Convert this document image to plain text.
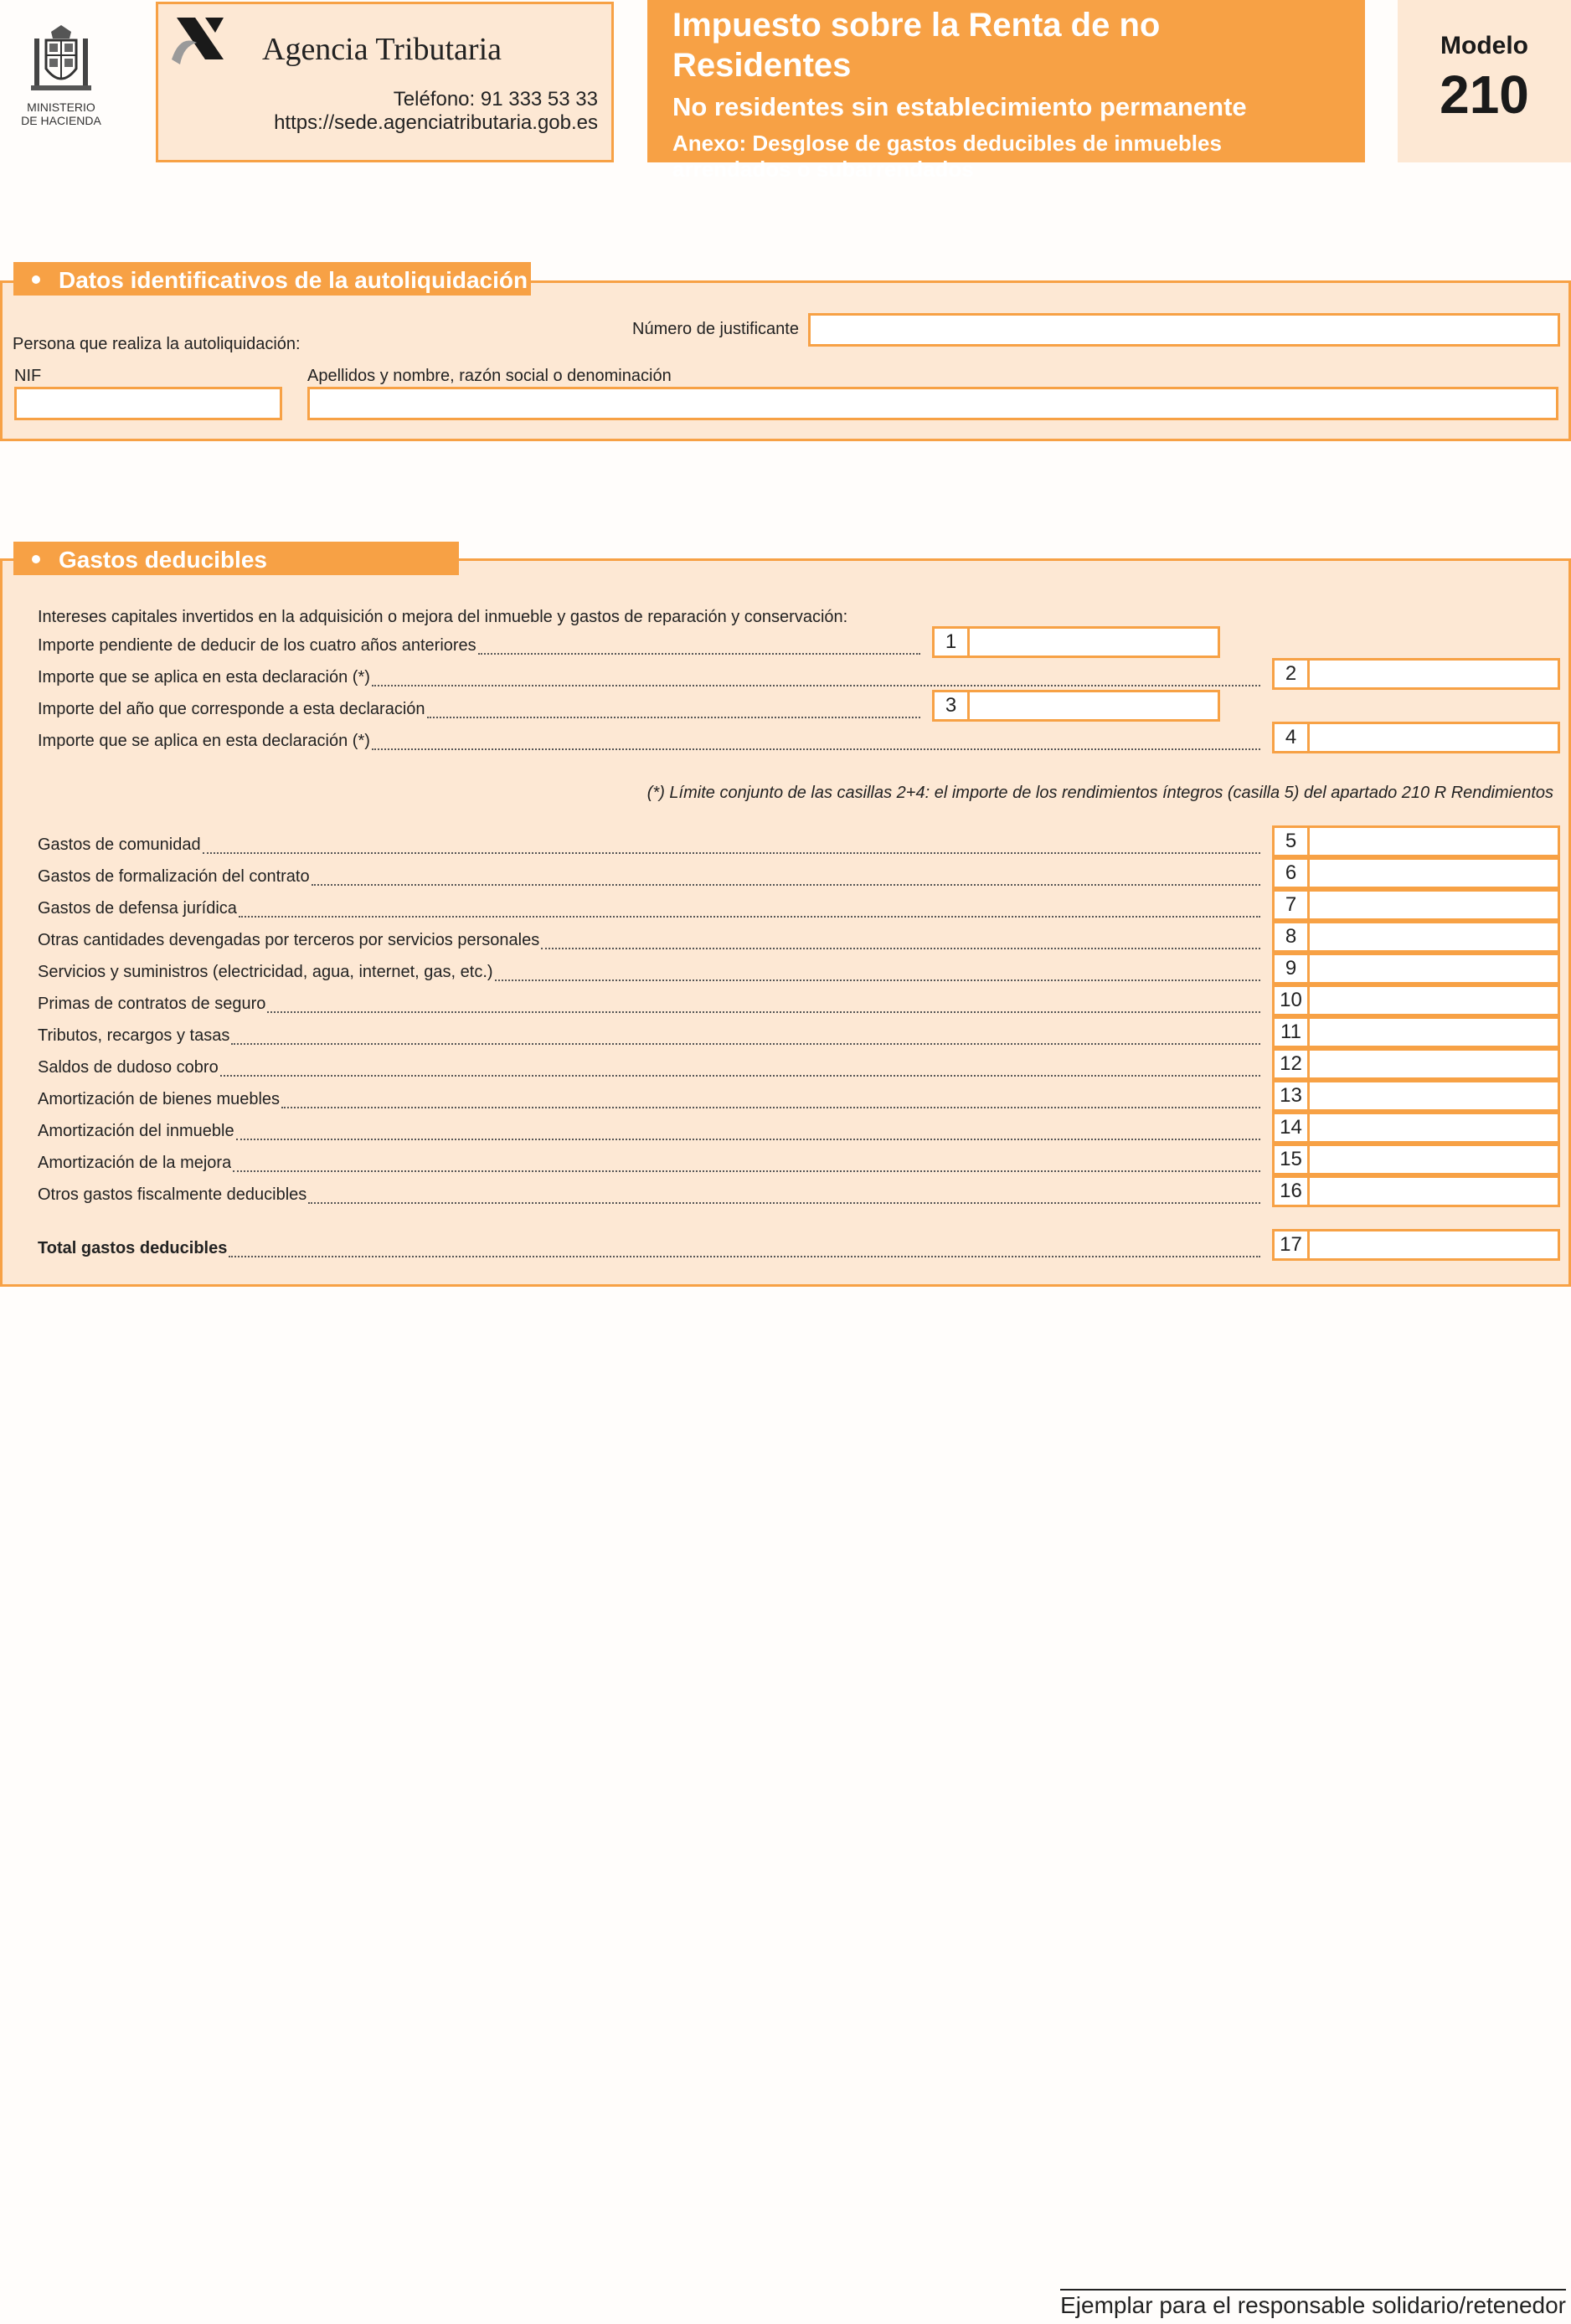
MINISTERIO
DE HACIENDA
Agencia Tributaria
Teléfono: 91 333 53 33
https://sede.agenciatributaria.gob.es
Impuesto sobre la Renta de no Residentes
No residentes sin establecimiento permanente
Anexo: Desglose de gastos deducibles de inmuebles arrendados o subarrendados
Modelo
210
Persona que realiza la autoliquidación:
Número de justificante
NIF	Apellidos y nombre, razón social o denominación
Datos identificativos de la autoliquidación
Intereses capitales invertidos en la adquisición o mejora del inmueble y gastos de reparación y conservación:
Importe pendiente de deducir de los cuatro años anteriores	1
Importe que se aplica en esta declaración (*)	2
Importe del año que corresponde a esta declaración	3
Importe que se aplica en esta declaración (*)	4
Gastos de comunidad	5
Gastos de formalización del contrato	6
Gastos de defensa jurídica	7
Otras cantidades devengadas por terceros por servicios personales	8
Servicios y suministros (electricidad, agua, internet, gas, etc.)	9
Primas de contratos de seguro	10
Tributos, recargos y tasas	11
Saldos de dudoso cobro	12
Amortización de bienes muebles	13
Amortización del inmueble	14
Amortización de la mejora	15
Otros gastos fiscalmente deducibles	16
Total gastos deducibles	17
(*) Límite conjunto de las casillas 2+4: el importe de los rendimientos íntegros (casilla 5) del apartado 210 R Rendimientos
Gastos deducibles
Ejemplar para el responsable solidario/retenedor
